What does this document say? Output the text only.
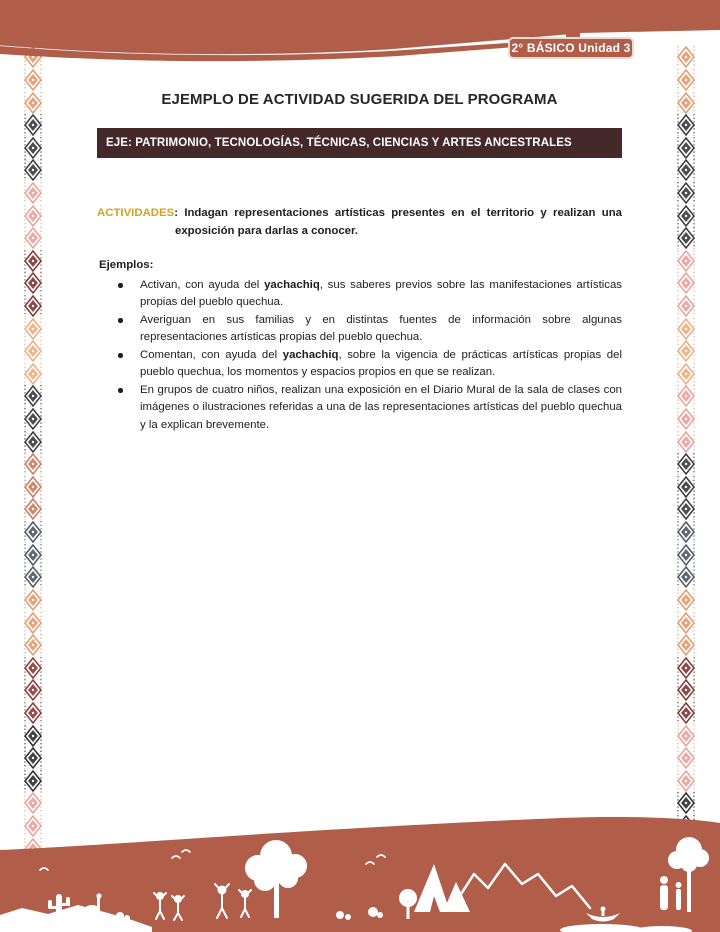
2° BÁSICO Unidad 3
EJEMPLO DE ACTIVIDAD SUGERIDA DEL PROGRAMA
EJE: PATRIMONIO, TECNOLOGÍAS, TÉCNICAS, CIENCIAS Y ARTES ANCESTRALES

ACTIVIDADES: Indagan representaciones artísticas presentes en el territorio y realizan una exposición para darlas a conocer.

Ejemplos:

Activan, con ayuda del yachachiq, sus saberes previos sobre las manifestaciones artísticas propias del pueblo quechua.
Averiguan en sus familias y en distintas fuentes de información sobre algunas representaciones artísticas propias del pueblo quechua.
Comentan, con ayuda del yachachiq, sobre la vigencia de prácticas artísticas propias del pueblo quechua, los momentos y espacios propios en que se realizan.
En grupos de cuatro niños, realizan una exposición en el Diario Mural de la sala de clases con imágenes o ilustraciones referidas a una de las representaciones artísticas del pueblo quechua y la explican brevemente.
